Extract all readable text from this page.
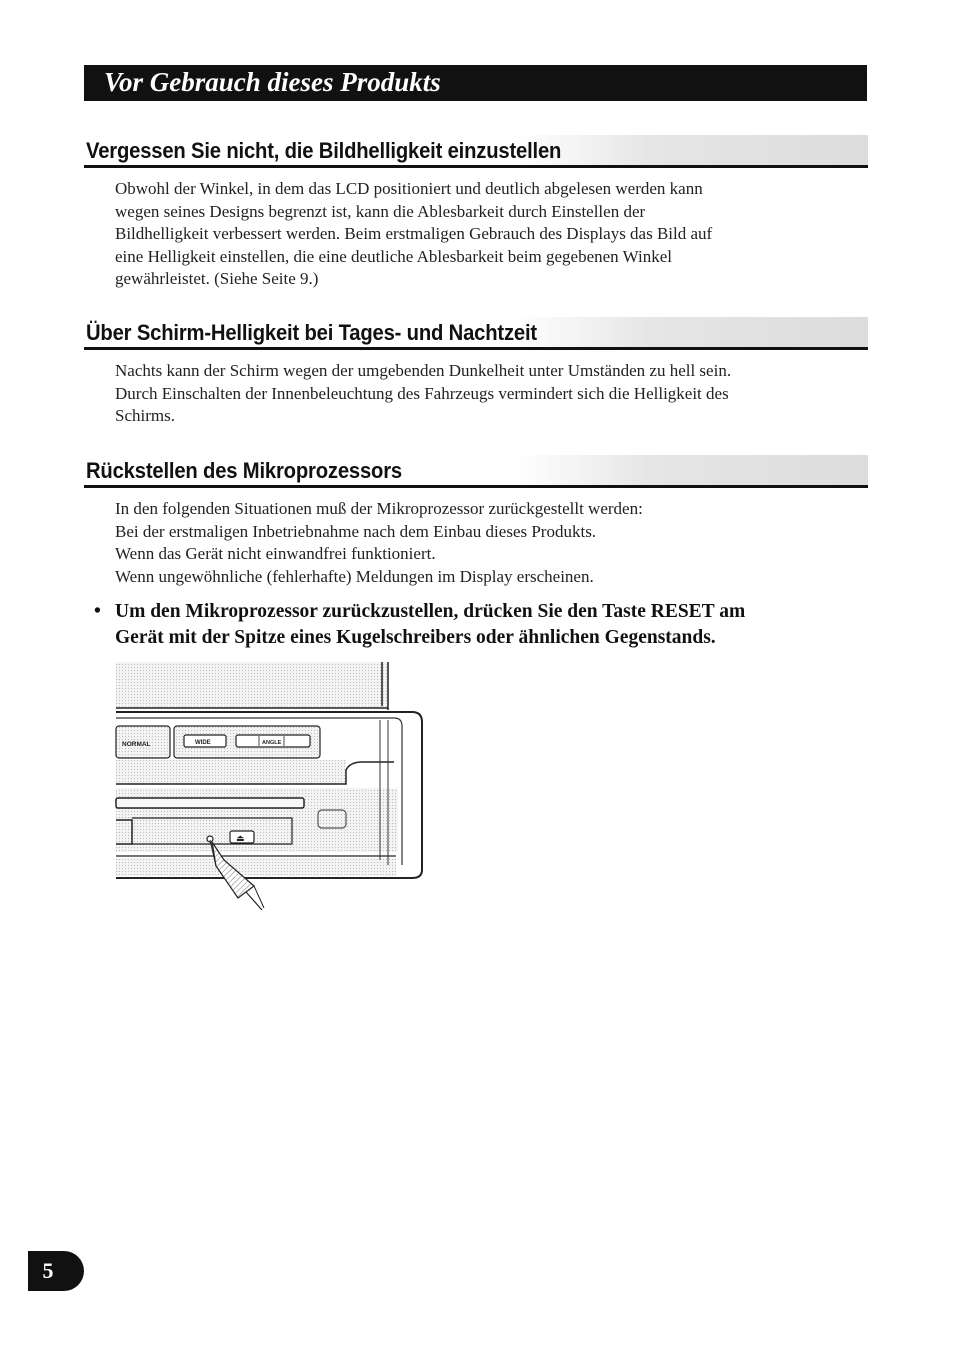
Vor Gebrauch dieses Produkts
Vergessen Sie nicht, die Bildhelligkeit einzustellen

Obwohl der Winkel, in dem das LCD positioniert und deutlich abgelesen werden kann

wegen seines Designs begrenzt ist, kann die Ablesbarkeit durch Einstellen der

Bildhelligkeit verbessert werden. Beim erstmaligen Gebrauch des Displays das Bild auf

eine Helligkeit einstellen, die eine deutliche Ablesbarkeit beim gegebenen Winkel

gewährleistet. (Siehe Seite 9.)

Über Schirm-Helligkeit bei Tages- und Nachtzeit

Nachts kann der Schirm wegen der umgebenden Dunkelheit unter Umständen zu hell sein.

Durch Einschalten der Innenbeleuchtung des Fahrzeugs vermindert sich die Helligkeit des

Schirms.

Rückstellen des Mikroprozessors

In den folgenden Situationen muß der Mikroprozessor zurückgestellt werden:

Bei der erstmaligen Inbetriebnahme nach dem Einbau dieses Produkts.

Wenn das Gerät nicht einwandfrei funktioniert.

Wenn ungewöhnliche (fehlerhafte) Meldungen im Display erscheinen.

• Um den Mikroprozessor zurückzustellen, drücken Sie den Taste RESET am
Gerät mit der Spitze eines Kugelschreibers oder ähnlichen Gegenstands.
NORMAL	WIDE	ANGLE
⏏
5
